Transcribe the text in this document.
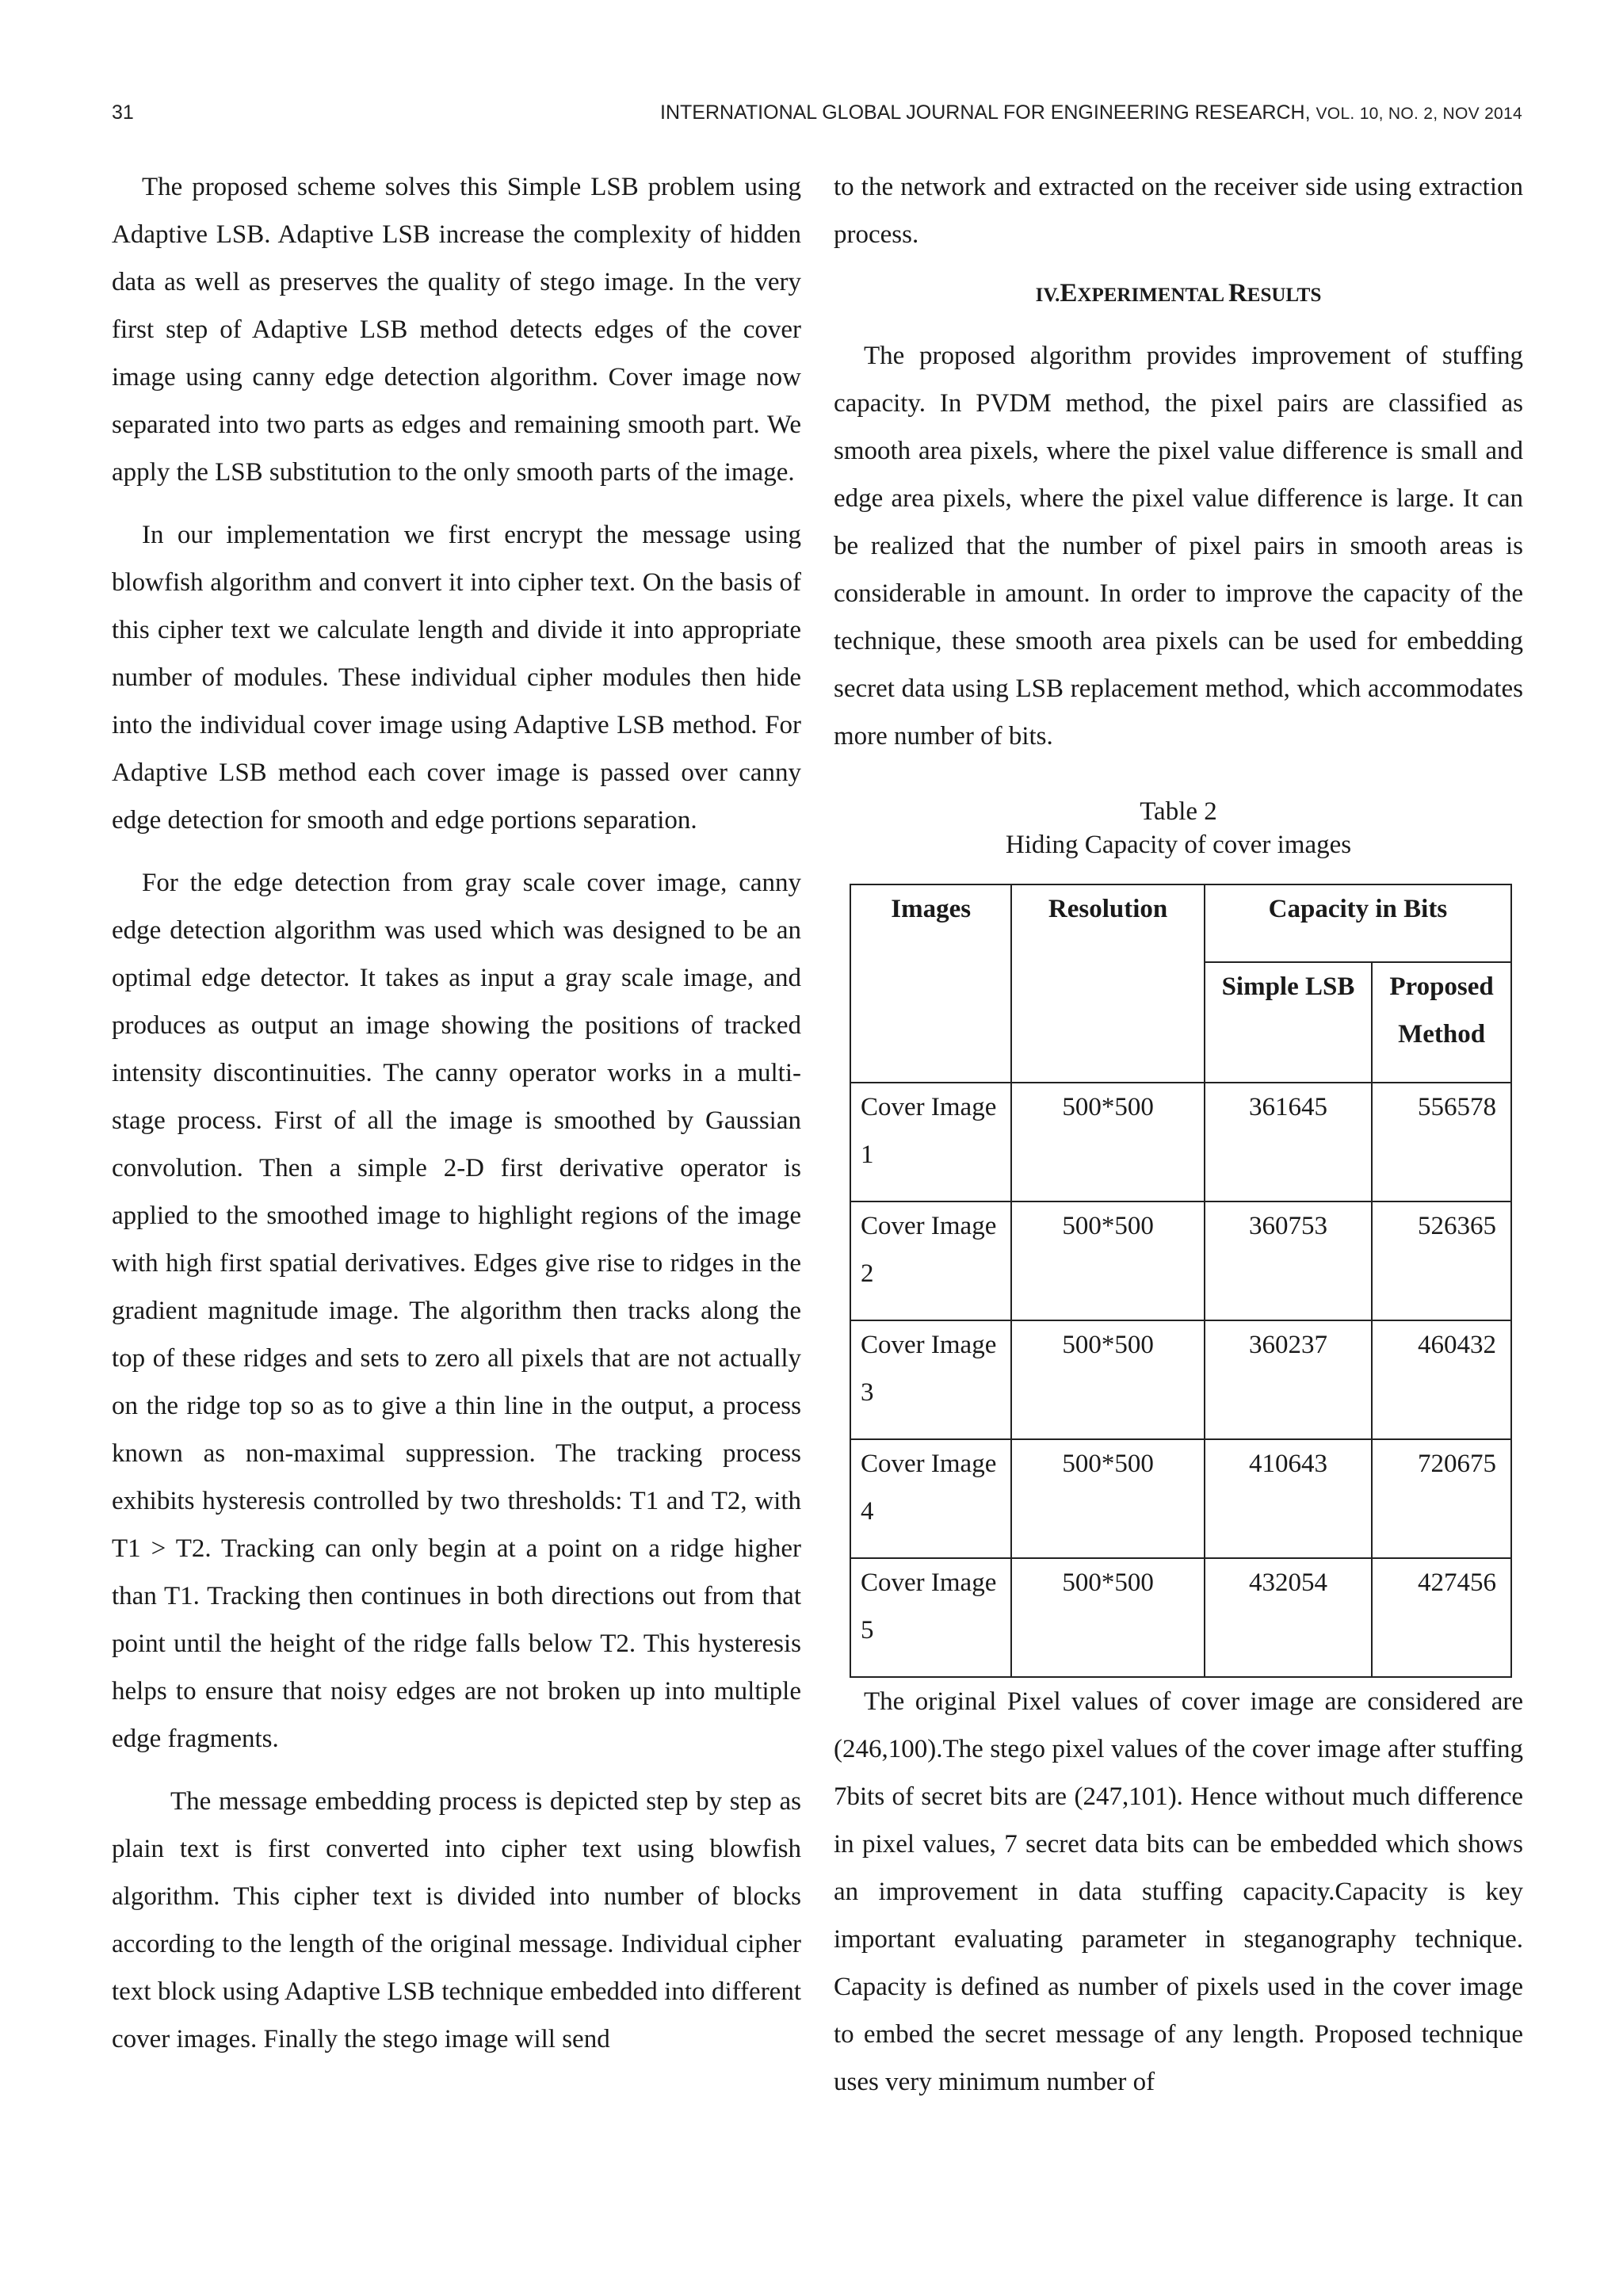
31	INTERNATIONAL GLOBAL JOURNAL FOR ENGINEERING RESEARCH, VOL. 10, NO. 2, NOV 2014

The proposed scheme solves this Simple LSB problem using Adaptive LSB. Adaptive LSB increase the complexity of hidden data as well as preserves the quality of stego image. In the very first step of Adaptive LSB method detects edges of the cover image using canny edge detection algorithm. Cover image now separated into two parts as edges and remaining smooth part. We apply the LSB substitution to the only smooth parts of the image.

In our implementation we first encrypt the message using blowfish algorithm and convert it into cipher text. On the basis of this cipher text we calculate length and divide it into appropriate number of modules. These individual cipher modules then hide into the individual cover image using Adaptive LSB method. For Adaptive LSB method each cover image is passed over canny edge detection for smooth and edge portions separation.

For the edge detection from gray scale cover image, canny edge detection algorithm was used which was designed to be an optimal edge detector. It takes as input a gray scale image, and produces as output an image showing the positions of tracked intensity discontinuities. The canny operator works in a multi-stage process. First of all the image is smoothed by Gaussian convolution. Then a simple 2-D first derivative operator is applied to the smoothed image to highlight regions of the image with high first spatial derivatives. Edges give rise to ridges in the gradient magnitude image. The algorithm then tracks along the top of these ridges and sets to zero all pixels that are not actually on the ridge top so as to give a thin line in the output, a process known as non-maximal suppression. The tracking process exhibits hysteresis controlled by two thresholds: T1 and T2, with T1 > T2. Tracking can only begin at a point on a ridge higher than T1. Tracking then continues in both directions out from that point until the height of the ridge falls below T2. This hysteresis helps to ensure that noisy edges are not broken up into multiple edge fragments.

The message embedding process is depicted step by step as plain text is first converted into cipher text using blowfish algorithm. This cipher text is divided into number of blocks according to the length of the original message. Individual cipher text block using Adaptive LSB technique embedded into different cover images. Finally the stego image will send

to the network and extracted on the receiver side using extraction process.

IV.EXPERIMENTAL RESULTS

The proposed algorithm provides improvement of stuffing capacity. In PVDM method, the pixel pairs are classified as smooth area pixels, where the pixel value difference is small and edge area pixels, where the pixel value difference is large. It can be realized that the number of pixel pairs in smooth areas is considerable in amount. In order to improve the capacity of the technique, these smooth area pixels can be used for embedding secret data using LSB replacement method, which accommodates more number of bits.

Table 2
Hiding Capacity of cover images
Images	Resolution	Capacity in Bits	
		Simple LSB	Proposed Method
Cover Image 1	500*500	361645	556578
Cover Image 2	500*500	360753	526365
Cover Image 3	500*500	360237	460432
Cover Image 4	500*500	410643	720675
Cover Image 5	500*500	432054	427456

The original Pixel values of cover image are considered are (246,100).The stego pixel values of the cover image after stuffing 7bits of secret bits are (247,101). Hence without much difference in pixel values, 7 secret data bits can be embedded which shows an improvement in data stuffing capacity.Capacity is key important evaluating parameter in steganography technique. Capacity is defined as number of pixels used in the cover image to embed the secret message of any length. Proposed technique uses very minimum number of
